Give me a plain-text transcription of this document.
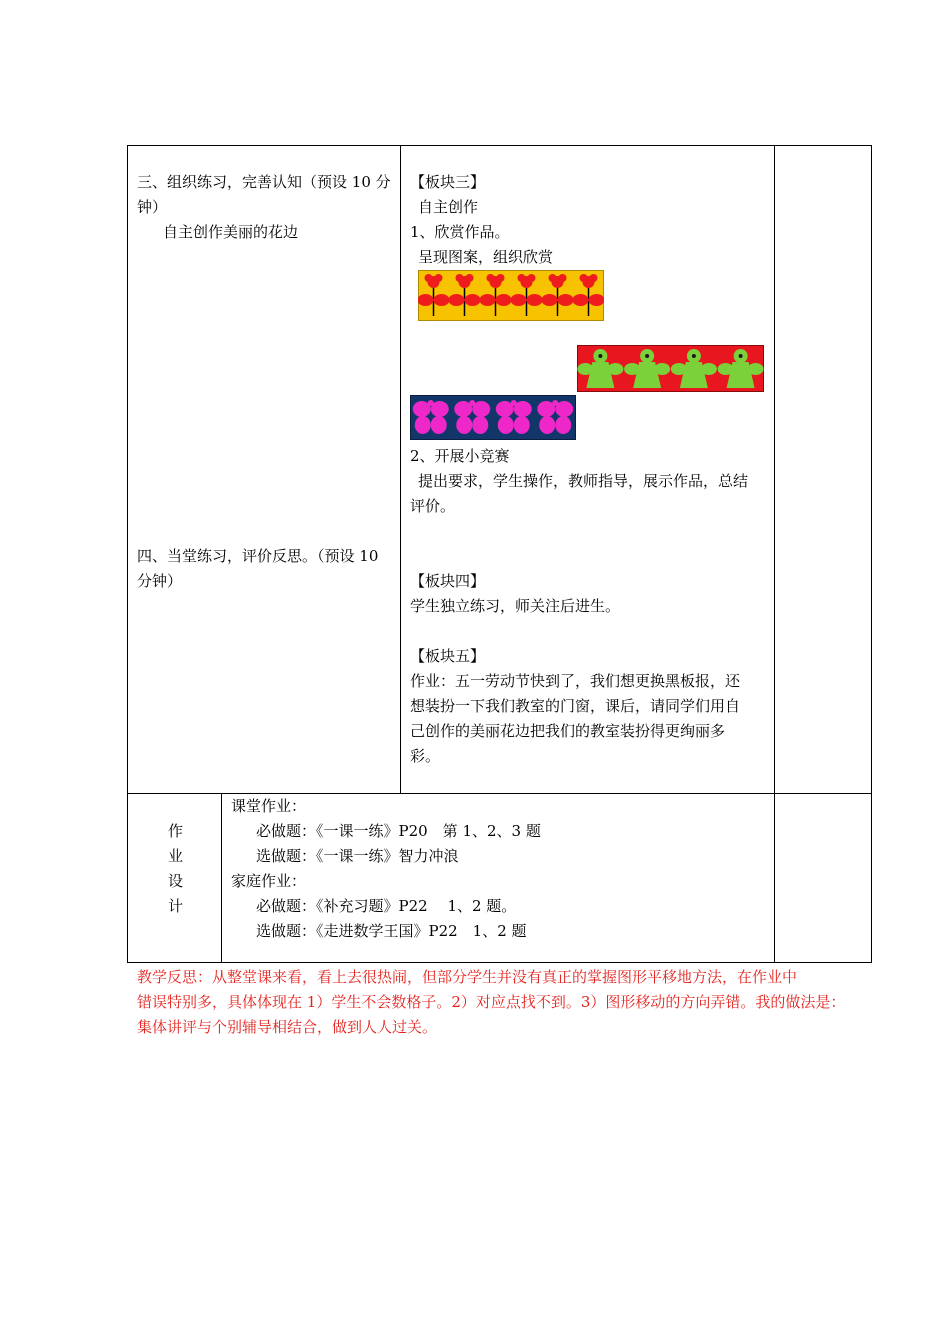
三、组织练习，完善认知（预设 10 分
钟）
自主创作美丽的花边
四、当堂练习，评价反思。（预设 10
分钟）
【板块三】
自主创作
1、欣赏作品。
呈现图案，组织欣赏
2、开展小竞赛
提出要求，学生操作，教师指导，展示作品，总结
评价。
【板块四】
学生独立练习，师关注后进生。
【板块五】
作业：五一劳动节快到了，我们想更换黑板报，还
想装扮一下我们教室的门窗，课后，请同学们用自
己创作的美丽花边把我们的教室装扮得更绚丽多
彩。
作
业
设
计
课堂作业：
必做题：《一课一练》P20　第 1、2、3 题
选做题：《一课一练》智力冲浪
家庭作业：
必做题：《补充习题》P22　 1、2 题。
选做题：《走进数学王国》P22　1、2 题
教学反思：从整堂课来看，看上去很热闹，但部分学生并没有真正的掌握图形平移地方法，在作业中
错误特别多，具体体现在 1）学生不会数格子。2）对应点找不到。3）图形移动的方向弄错。我的做法是：
集体讲评与个别辅导相结合，做到人人过关。
